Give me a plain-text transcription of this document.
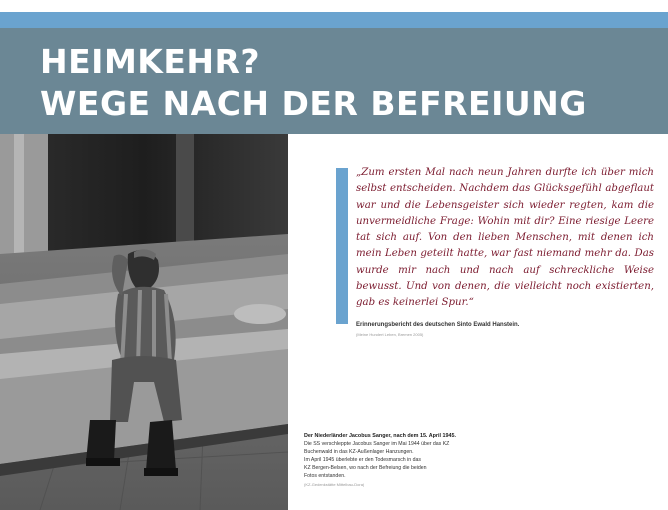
HEIMKEHR?
WEGE NACH DER BEFREIUNG

„Zum ersten Mal nach neun Jahren durfte ich über mich selbst entscheiden. Nachdem das Glücksgefühl abgeflaut war und die Lebensgeister sich wieder regten, kam die unvermeidliche Frage: Wohin mit dir? Eine riesige Leere tat sich auf. Von den lieben Menschen, mit denen ich mein Leben geteilt hatte, war fast niemand mehr da. Das wurde mir nach und nach auf schreckliche Weise bewusst. Und von denen, die vielleicht noch existierten, gab es keinerlei Spur.“

Erinnerungsbericht des deutschen Sinto Ewald Hanstein.

(Meine Hundert Leben, Bremen 2005)

Der Niederländer Jacobus Sanger, nach dem 15. April 1945.

Die SS verschleppte Jacobus Sanger im Mai 1944 über das KZ

Buchenwald in das KZ-Außenlager Hanzungen.

Im April 1945 überlebte er den Todesmarsch in das

KZ Bergen-Belsen, wo nach der Befreiung die beiden

Fotos entstanden.

(KZ-Gedenkstätte Mittelbau-Dora)
